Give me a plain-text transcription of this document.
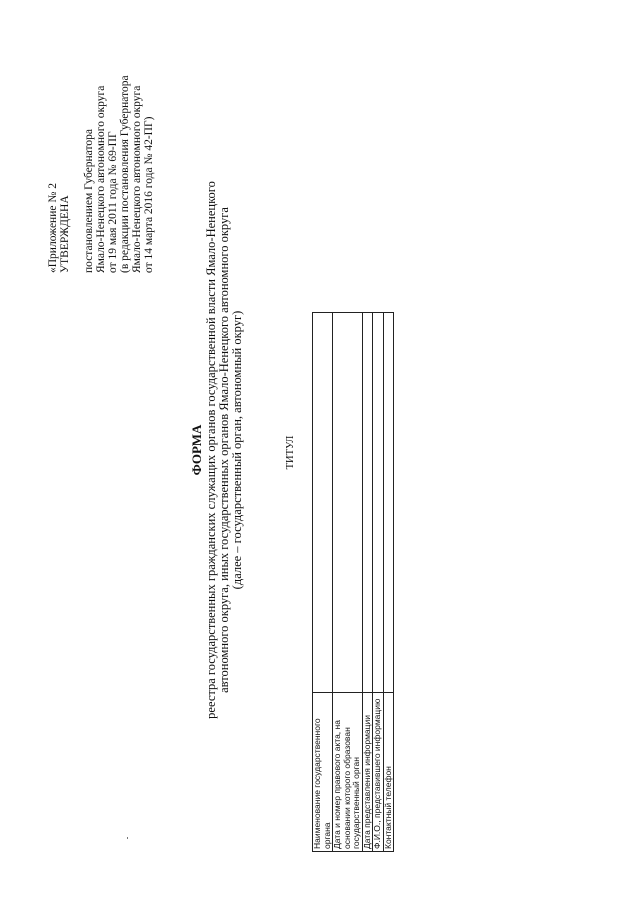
«Приложение № 2 УТВЕРЖДЕНА постановлением Губернатора Ямало-Ненецкого автономного округа от 19 мая 2011 года № 69-ПГ (в редакции постановления Губернатора Ямало-Ненецкого автономного округа от 14 марта 2016 года № 42-ПГ)
ФОРМА реестра государственных гражданских служащих органов государственной власти Ямало-Ненецкого автономного округа, иных государственных органов Ямало-Ненецкого автономного округа (далее – государственный орган, автономный округ)	ТИТУЛ
Наименование государственного органа	
Дата и номер правового акта, на основании которого образован государственный орган	
Дата представления информации	
Ф.И.О., представившего информацию	
Контактный телефон	
